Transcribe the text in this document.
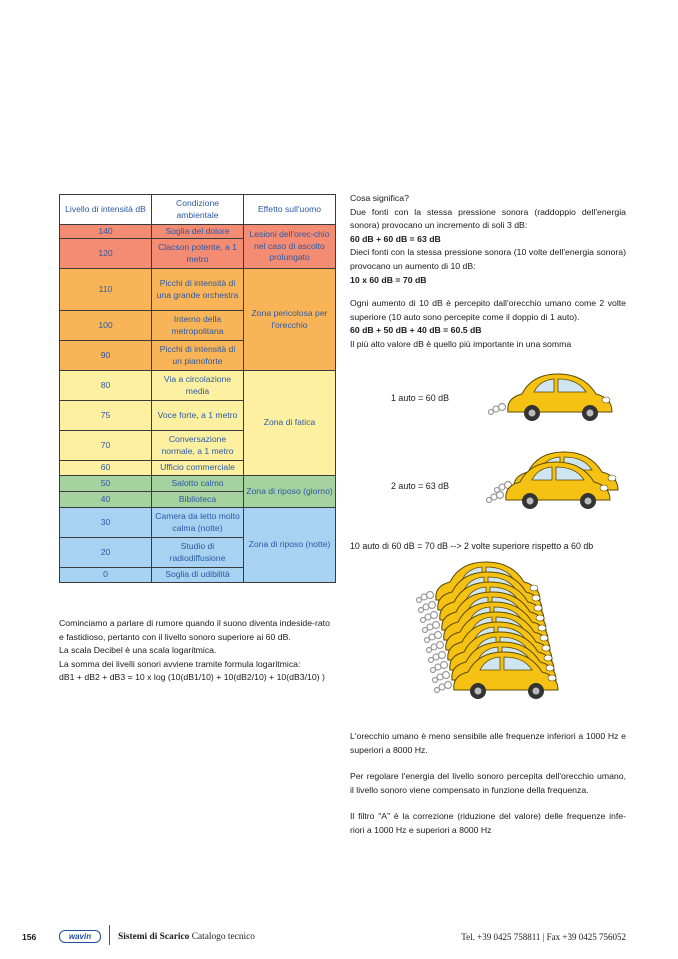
Livello di intensità dB	Condizione ambientale	Effetto sull'uomo
140	Soglia del dolore	Lesioni dell'orec-chio nel caso di ascolto prolungato
120	Clacson potente, a 1 metro	
110	Picchi di intensità di una grande orchestra	Zona pericolosa per l'orecchio
100	Interno della metropolitana	
90	Picchi di intensità di un pianoforte	
80	Via a circolazione media	Zona di fatica
75	Voce forte, a 1 metro	
70	Conversazione normale, a 1 metro	
60	Ufficio commerciale	
50	Salotto calmo	Zona di riposo (giorno)
40	Biblioteca	
30	Camera da letto molto calma (notte)	Zona di riposo (notte)
20	Studio di radiodiffusione	
0	Soglia di udibilità	

Cominciamo a parlare di rumore quando il suono diventa indeside-rato e fastidioso, pertanto con il livello sonoro superiore ai 60 dB.

La scala Decibel è una scala logaritmica.

La somma dei livelli sonori avviene tramite formula logaritmica:

dB1 + dB2 + dB3 = 10 x log (10(dB1/10) + 10(dB2/10) + 10(dB3/10) )

Cosa significa?

Due fonti con la stessa pressione sonora (raddoppio dell'energia sonora) provocano un incremento di soli 3 dB:

60 dB + 60 dB = 63 dB

Dieci fonti con la stessa pressione sonora (10 volte dell'energia sonora) provocano un aumento di 10 dB:

10 x 60 dB = 70 dB

Ogni aumento di 10 dB è percepito dall'orecchio umano come 2 volte superiore (10 auto sono percepite come il doppio di 1 auto).

60 dB + 50 dB + 40 dB = 60.5 dB

Il più alto valore dB è quello più importante in una somma

1 auto = 60 dB
2 auto = 63 dB
10 auto di 60 dB = 70 dB --> 2 volte superiore rispetto a 60 db

L'orecchio umano è meno sensibile alle frequenze inferiori a 1000 Hz e superiori a 8000 Hz.

Per regolare l'energia del livello sonoro percepita dell'orecchio umano, il livello sonoro viene compensato in funzione della frequenza.

Il filtro "A" è la correzione (riduzione del valore) delle frequenze infe-riori a 1000 Hz e superiori a 8000 Hz

156	wavin	Sistemi di Scarico Catalogo tecnico	Tel. +39 0425 758811 | Fax +39 0425 756052
